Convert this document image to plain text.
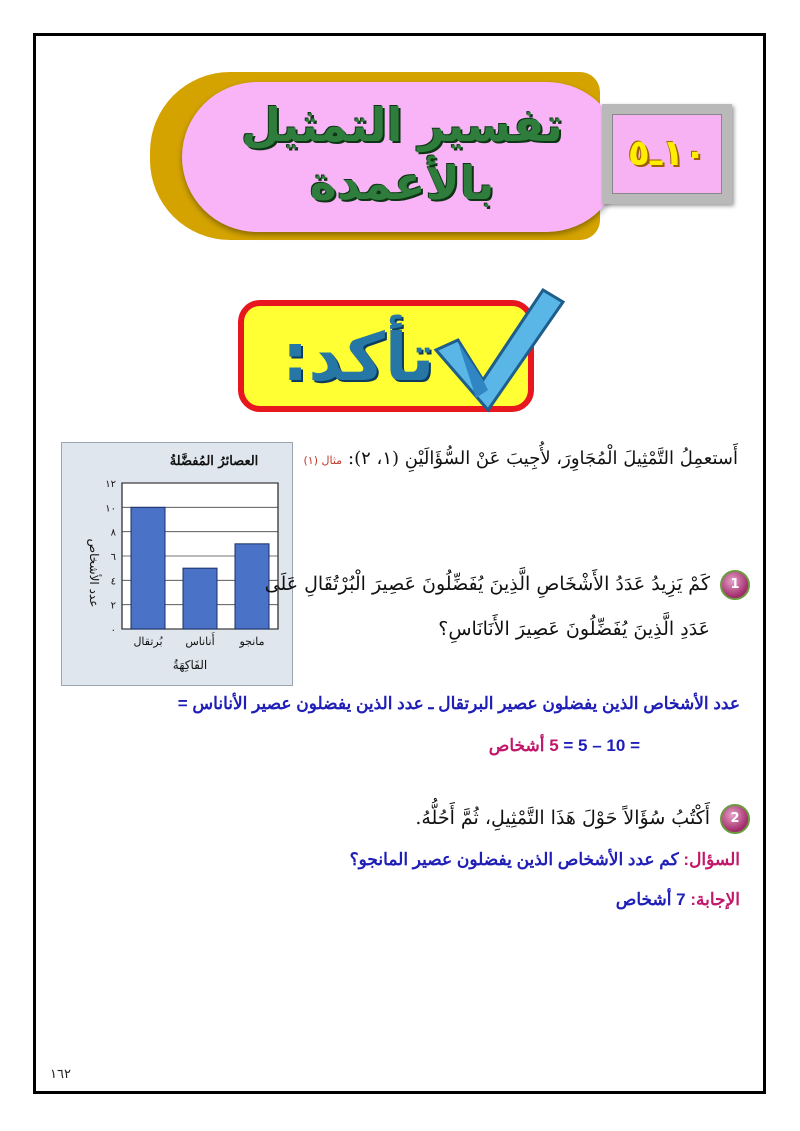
تفسير التمثيل
بالأعمدة
١٠ـ٥
تأكد:
العصائرُ المُفضَّلةُ
٠
٢
٤
٦
٨
١٠
١٢
بُرتقال أَناناس مانجو
عدد الأشخاص
الفَاكِهَةُ
أَستعمِلُ التَّمْثِيلَ الْمُجَاوِرَ، لأُجِيبَ عَنْ السُّؤَالَيْنِ (١، ٢):مثال (١)
1
كَمْ يَزِيدُ عَدَدُ الأَشْخَاصِ الَّذِينَ يُفَضِّلُونَ عَصِيرَ الْبُرْتُقَالِ عَلَى
عَدَدِ الَّذِينَ يُفَضِّلُونَ عَصِيرَ الأَنَانَاسِ؟
عدد الأشخاص الذين يفضلون عصير البرتقال ـ عدد الذين يفضلون عصير الأناناس =
= 10 – 5 = 5 أشخاص
2
أَكْتُبُ سُؤَالاً حَوْلَ هَذَا التَّمْثِيلِ، ثُمَّ أَحُلُّهُ.
السؤال: كم عدد الأشخاص الذين يفضلون عصير المانجو؟
الإجابة: 7 أشخاص
١٦٢
